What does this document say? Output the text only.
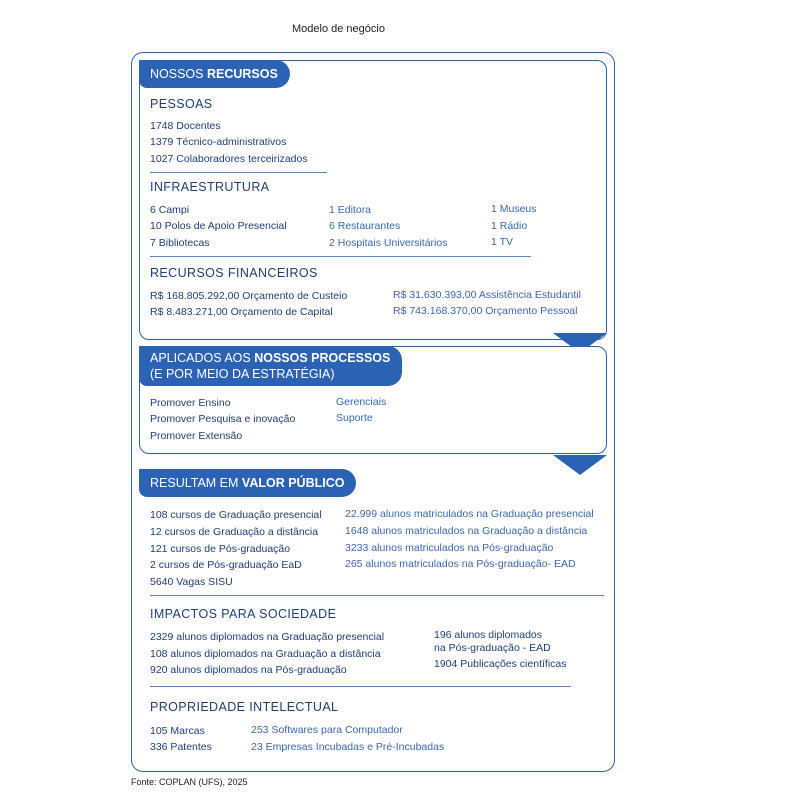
Modelo de negócio
NOSSOS RECURSOS
PESSOAS
1748 Docentes
1379 Técnico-administrativos
1027 Colaboradores terceirizados
INFRAESTRUTURA
6 Campi
10 Polos de Apoio Presencial
7 Bibliotecas
1 Editora
6 Restaurantes
2 Hospitais Universitários
1 Museus
1 Rádio
1 TV
RECURSOS FINANCEIROS
R$ 168.805.292,00 Orçamento de Custeio
R$ 8.483.271,00 Orçamento de Capital
R$ 31.630.393,00 Assistência Estudantil
R$ 743.168.370,00 Orçamento Pessoal
APLICADOS AOS NOSSOS PROCESSOS
(E POR MEIO DA ESTRATÉGIA)
Promover Ensino
Promover Pesquisa e inovação
Promover Extensão
Gerenciais
Suporte
RESULTAM EM VALOR PÚBLICO
108 cursos de Graduação presencial
12 cursos de Graduação a distância
121 cursos de Pós-graduação
2 cursos de Pós-graduação EaD
5640 Vagas SISU
22.999 alunos matriculados na Graduação presencial
1648 alunos matriculados na Graduação a distância
3233 alunos matriculados na Pós-graduação
265 alunos matriculados na Pós-graduação- EAD
IMPACTOS PARA SOCIEDADE
2329 alunos diplomados na Graduação presencial
108 alunos diplomados na Graduação a distância
920 alunos diplomados na Pós-graduação
196 alunos diplomados
na Pós-graduação - EAD
1904 Publicações científicas
PROPRIEDADE INTELECTUAL
105 Marcas
336 Patentes
253 Softwares para Computador
23 Empresas Incubadas e Pré-Incubadas
Fonte: COPLAN (UFS), 2025
